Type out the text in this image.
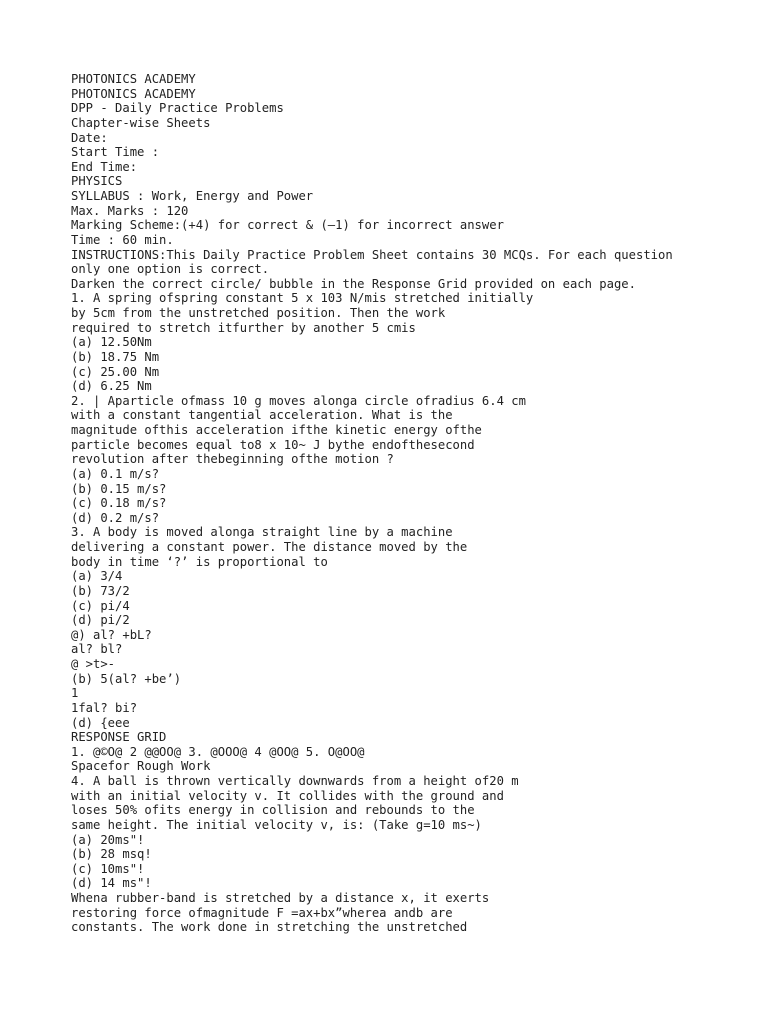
PHOTONICS ACADEMY
PHOTONICS ACADEMY
DPP - Daily Practice Problems
Chapter-wise Sheets
Date:
Start Time :
End Time:
PHYSICS
SYLLABUS : Work, Energy and Power
Max. Marks : 120
Marking Scheme:(+4) for correct & (—1) for incorrect answer
Time : 60 min.
INSTRUCTIONS:This Daily Practice Problem Sheet contains 30 MCQs. For each question
only one option is correct.
Darken the correct circle/ bubble in the Response Grid provided on each page.
1. A spring ofspring constant 5 x 103 N/mis stretched initially
by 5cm from the unstretched position. Then the work
required to stretch itfurther by another 5 cmis
(a) 12.50Nm
(b) 18.75 Nm
(c) 25.00 Nm
(d) 6.25 Nm
2. | Aparticle ofmass 10 g moves alonga circle ofradius 6.4 cm
with a constant tangential acceleration. What is the
magnitude ofthis acceleration ifthe kinetic energy ofthe
particle becomes equal to8 x 10~ J bythe endofthesecond
revolution after thebeginning ofthe motion ?
(a) 0.1 m/s?
(b) 0.15 m/s?
(c) 0.18 m/s?
(d) 0.2 m/s?
3. A body is moved alonga straight line by a machine
delivering a constant power. The distance moved by the
body in time ‘?’ is proportional to
(a) 3/4
(b) 73/2
(c) pi/4
(d) pi/2
@) al? +bL?
al? bl?
@ >t>-
(b) 5(al? +be’)
1
1fal? bi?
(d) {eee
RESPONSE GRID
1. @©O@ 2 @@OO@ 3. @OOO@ 4 @OO@ 5. O@OO@
Spacefor Rough Work
4. A ball is thrown vertically downwards from a height of20 m
with an initial velocity v. It collides with the ground and
loses 50% ofits energy in collision and rebounds to the
same height. The initial velocity v, is: (Take g=10 ms~)
(a) 20ms"!
(b) 28 msq!
(c) 10ms"!
(d) 14 ms"!
Whena rubber-band is stretched by a distance x, it exerts
restoring force ofmagnitude F =ax+bx”wherea andb are
constants. The work done in stretching the unstretched
